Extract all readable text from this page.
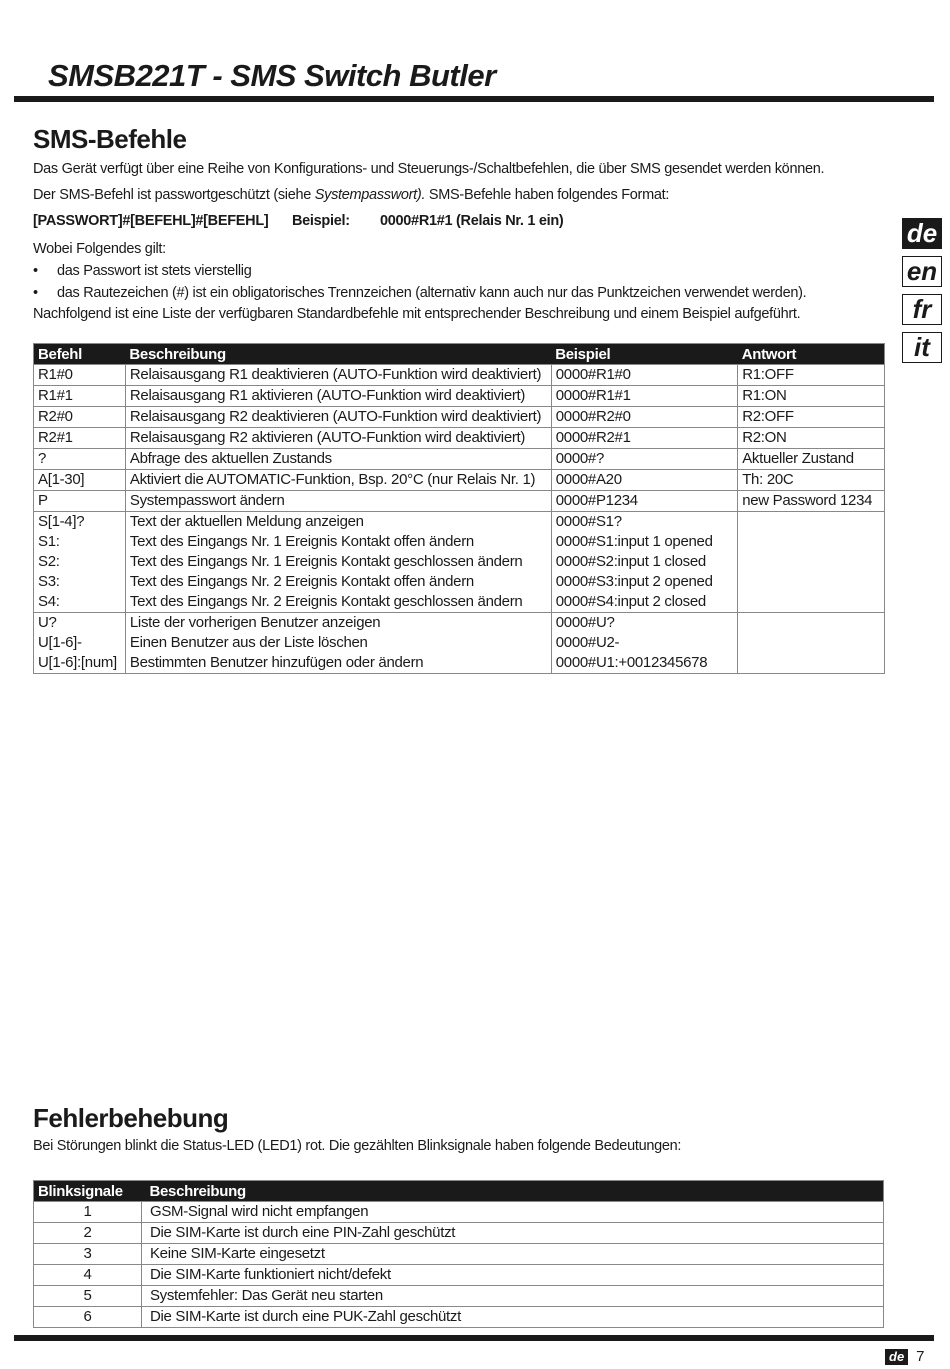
SMSB221T - SMS Switch Butler
de
en
fr
it
SMS-Befehle
Das Gerät verfügt über eine Reihe von Konfigurations- und Steuerungs-/Schaltbefehlen, die über SMS gesendet werden können.
Der SMS-Befehl ist passwortgeschützt (siehe Systempasswort). SMS-Befehle haben folgendes Format:
[PASSWORT]#[BEFEHL]#[BEFEHL] Beispiel: 0000#R1#1 (Relais Nr. 1 ein)
Wobei Folgendes gilt:
• das Passwort ist stets vierstellig
• das Rautezeichen (#) ist ein obligatorisches Trennzeichen (alternativ kann auch nur das Punktzeichen verwendet werden).
Nachfolgend ist eine Liste der verfügbaren Standardbefehle mit entsprechender Beschreibung und einem Beispiel aufgeführt.
Befehl	Beschreibung	Beispiel	Antwort
R1#0	Relaisausgang R1 deaktivieren (AUTO-Funktion wird deaktiviert)	0000#R1#0	R1:OFF
R1#1	Relaisausgang R1 aktivieren (AUTO-Funktion wird deaktiviert)	0000#R1#1	R1:ON
R2#0	Relaisausgang R2 deaktivieren (AUTO-Funktion wird deaktiviert)	0000#R2#0	R2:OFF
R2#1	Relaisausgang R2 aktivieren (AUTO-Funktion wird deaktiviert)	0000#R2#1	R2:ON
?	Abfrage des aktuellen Zustands	0000#?	Aktueller Zustand
A[1-30]	Aktiviert die AUTOMATIC-Funktion, Bsp. 20°C (nur Relais Nr. 1)	0000#A20	Th: 20C
P	Systempasswort ändern	0000#P1234	new Password 1234
S[1-4]?	Text der aktuellen Meldung anzeigen	0000#S1?	
S1:	Text des Eingangs Nr. 1 Ereignis Kontakt offen ändern	0000#S1:input 1 opened	
S2:	Text des Eingangs Nr. 1 Ereignis Kontakt geschlossen ändern	0000#S2:input 1 closed	
S3:	Text des Eingangs Nr. 2 Ereignis Kontakt offen ändern	0000#S3:input 2 opened	
S4:	Text des Eingangs Nr. 2 Ereignis Kontakt geschlossen ändern	0000#S4:input 2 closed	
U?	Liste der vorherigen Benutzer anzeigen	0000#U?	
U[1-6]-	Einen Benutzer aus der Liste löschen	0000#U2-	
U[1-6]:[num]	Bestimmten Benutzer hinzufügen oder ändern	0000#U1:+0012345678	
Fehlerbehebung
Bei Störungen blinkt die Status-LED (LED1) rot. Die gezählten Blinksignale haben folgende Bedeutungen:
Blinksignale	Beschreibung
1	GSM-Signal wird nicht empfangen
2	Die SIM-Karte ist durch eine PIN-Zahl geschützt
3	Keine SIM-Karte eingesetzt
4	Die SIM-Karte funktioniert nicht/defekt
5	Systemfehler: Das Gerät neu starten
6	Die SIM-Karte ist durch eine PUK-Zahl geschützt
de 7
